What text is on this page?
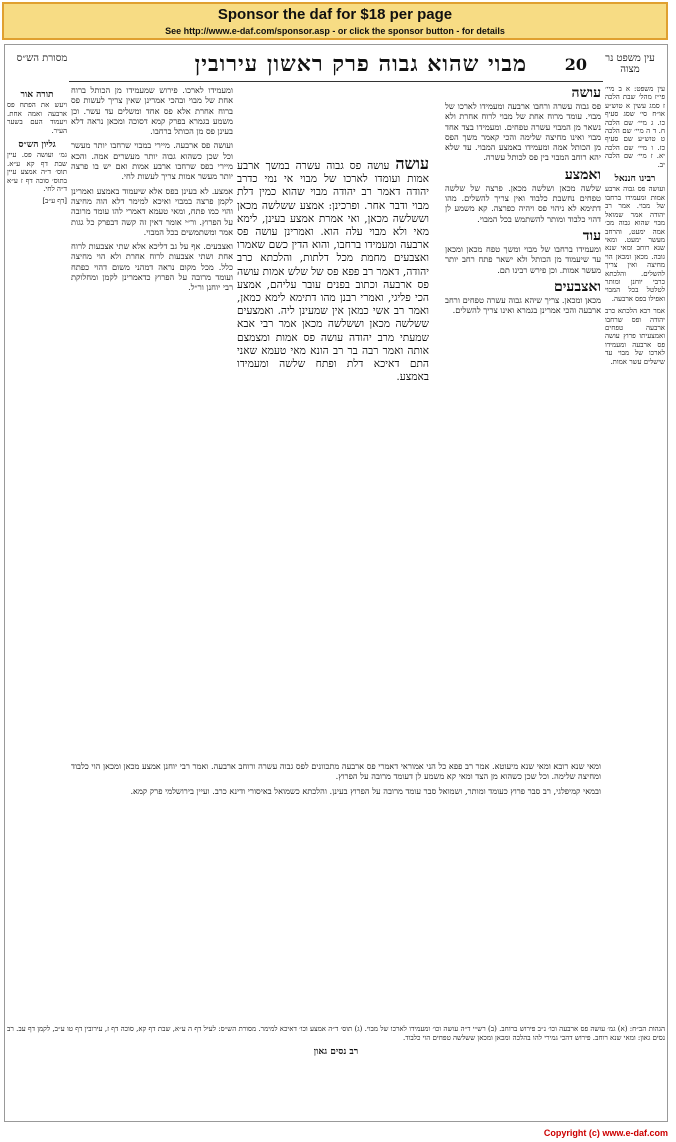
Sponsor the daf for $18 per page
See http://www.e-daf.com/sponsor.asp - or click the sponsor button - for details
20
מבוי שהוא גבוה פרק ראשון עירובין	עין משפט נר מצוה
מסורת הש״ס

עין משפט: א ב מיי׳ פי״ז מהל׳ שבת הלכה ז סמג עשין א טוש״ע או״ח סי׳ שסג סעיף כו. ג מיי׳ שם הלכה ח. ד ה מיי׳ שם הלכה ט טוש״ע שם סעיף כז. ו מיי׳ שם הלכה יא. ז מיי׳ שם הלכה יב.

רבינו חננאל

ועושה פס גבוה ארבע אמות ומעמידו ברחבו של מבוי. אמר רב יהודה אמר שמואל מבוי שהוא גבוה מכ׳ אמה ימעט, והרחב מעשר ימעט. ומאי שנא רוחב ומאי שנא גובה. מכאן ומכאן הוי מחיצה ואין צריך להשלים. והלכתא כרבי יוחנן ומותר לטלטל בכל המבוי ואפילו בפס ארבעה.

אמר רבא הלכתא כרב יהודה ופס שרחבו ארבעה טפחים ואמצעיתו פרוץ עושה פס ארבעה ומעמידו לארכו של מבוי עד שישלים עשר אמות.

תורה אור

ויעש את הפתח פס ארבעה ואמה אחת. ויעמוד העם בשער העיר.

גליון הש״ס

גמ׳ ועושה פס. עיין שבת דף קא ע״א. תוס׳ ד״ה אמצע עיין בתוס׳ סוכה דף ז ע״א ד״ה לחי.

[דף ע״ב]

עושה

פס גבוה עשרה ורחבו ארבעה ומעמידו לארכו של מבוי. עומד מרוח אחת של מבוי לרוח אחרת ולא נשאר מן המבוי עשרה טפחים. ומעמידו בצד אחד מבוי ואינו מחיצה שלימה והכי קאמר משך הפס מן הכותל אמה ומעמידו באמצע המבוי. עד שלא יהא רוחב המבוי בין פס לכותל עשרה.

ואמצע

שלשה מכאן ושלשה מכאן. פרצה של שלשה טפחים נחשבת כלבוד ואין צריך להשלים. מהו דתימא לא ניהוי פס ויהיה כפרצה. קא משמע לן דהוי כלבוד ומותר להשתמש בכל המבוי.

עוד

ומעמידו ברחבו של מבוי ומשך טפח מכאן ומכאן עד שיעמוד מן הכותל ולא ישאר פתח רחב יותר מעשר אמות. וכן פירש רבינו תם.

ואצבעים

מכאן ומכאן. צריך שיהא גבוה עשרה טפחים ורחב ארבעה והכי אמרינן בגמרא ואינו צריך להשלים.

ומעמידו לארכו. פירוש שמעמידו מן הכותל ברוח אחת של מבוי ובהכי אמרינן שאין צריך לעשות פס ברוח אחרת אלא פס אחד ומשלים עד עשר. וכן משמע בגמרא בפרק קמא דסוכה ומכאן נראה דלא בעינן פס מן הכותל ברחבו.

ועושה פס ארבעה. מיירי במבוי שרחבו יותר מעשר וכל שכן כשהוא גבוה יותר מעשרים אמה. והכא מיירי בפס שרחבו ארבע אמות ואם יש בו פרצה יותר מעשר אמות צריך לעשות לחי.

אמצע. לא בעינן בפס אלא שיעמוד באמצע ואמרינן לקמן פרצה במבוי ואיכא למימר דלא הוה מחיצה והוי כמו פתח, ומאי טעמא דאמרי להו עומד מרובה על הפרוץ. ור״י אומר דאין זה קשה דבפרק כל גגות אמר ומשתמשים בכל המבוי.

ואצבעים. אף על גב דליכא אלא שתי אצבעות לרוח אחת ושתי אצבעות לרוח אחרת ולא הוי מחיצה כלל. מכל מקום נראה דמהני משום דהוי כפתח ועומד מרובה על הפרוץ כדאמרינן לקמן ומחלוקת רבי יוחנן ור״ל.

עושה עושה פס גבוה עשרה במשך ארבע אמות ועומדו לארכו של מבוי אי נמי כדרב יהודה דאמר רב יהודה מבוי שהוא כמין דלת מבוי ודבר אחר. ופרכינן: אמצע ששלשה מכאן וששלשה מכאן, ואי אמרת אמצע בעינן, לימא מאי ולא מבוי עלה הוא. ואמרינן עושה פס ארבעה ומעמידו ברחבו, והוא הדין כשם שאמרו ואצבעים מחמת מכל דלתות, והלכתא כרב יהודה, דאמר רב פפא פס של שלש אמות עושה פס ארבעה וכתוב בפנים עובר עליהם, אמצע הכי פליגי, ואמרי רבנן מהו דתימא לימא כמאן, ואמר רב אשי כמאן אין שמעינן ליה. ואמצעים ששלשה מכאן וששלשה מכאן אמר רבי אבא שמעתי מרב יהודה עושה פס אמות ומצמצם אותה ואמר רבה בר רב הונא מאי טעמא שאני התם דאיכא דלת ופתח שלשה ומעמידו באמצע.

ומאי שנא רובא ומאי שנא מיעוטא. אמר רב פפא כל הני אמוראי דאמרי פס ארבעה מתכוונים לפס גבוה עשרה ורוחב ארבעה. ואמר רבי יוחנן אמצע מכאן ומכאן הוי כלבוד ומחיצה שלימה. וכל שכן כשהוא מן הצד ומאי קא משמע לן דעומד מרובה על הפרוץ.

ובמאי קמיפלגי, רב סבר פרוץ כעומד ומותר, ושמואל סבר עומד מרובה על הפרוץ בעינן. והלכתא כשמואל באיסורי ודינא כרב. ועיין בירושלמי פרק קמא.

הגהות הב״ח: (א) גמ׳ עושה פס ארבעה וכו׳ נ״ב פירוש ברוחב. (ב) רש״י ד״ה עושה וכו׳ ומעמידו לארכו של מבוי. (ג) תוס׳ ד״ה אמצע וכו׳ דאיכא למימר. מסורת הש״ס: לעיל דף ה ע״א, שבת דף קא, סוכה דף ז, עירובין דף טו ע״ב, לקמן דף עב. רב נסים גאון: ומאי שנא רוחב. פירוש דהכי גמירי להו בהלכה ומכאן ומכאן ששלשה טפחים הוי כלבוד.

רב נסים גאון
Copyright (c) www.e-daf.com
